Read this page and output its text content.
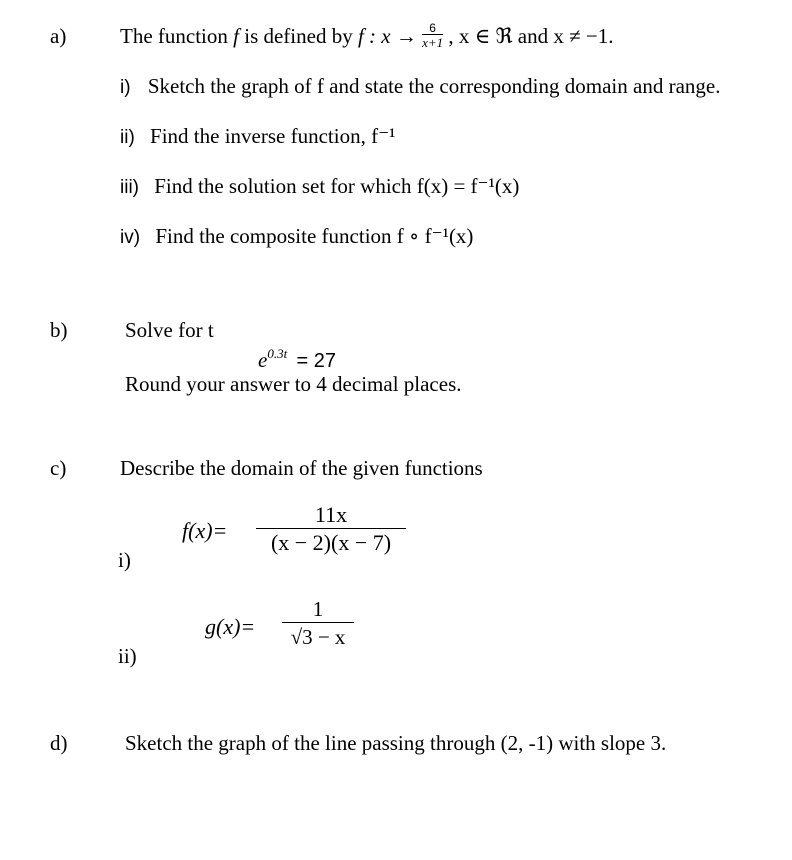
a)	The function f is defined by f : $x \to \frac{6}{x+1}$ , x ∈ ℜ and x ≠ −1.
i) Sketch the graph of f and state the corresponding domain and range.
ii) Find the inverse function, f⁻¹
iii) Find the solution set for which f(x) = f⁻¹(x)
iv) Find the composite function f ∘ f⁻¹(x)
b)	Solve for t
$e^{0.3t} = 27$
Round your answer to 4 decimal places.
c)	Describe the domain of the given functions
i)
f(x)=
11x
(x − 2)(x − 7)
ii)
g(x)=
1
√3 − x
d)	Sketch the graph of the line passing through (2, -1) with slope 3.
